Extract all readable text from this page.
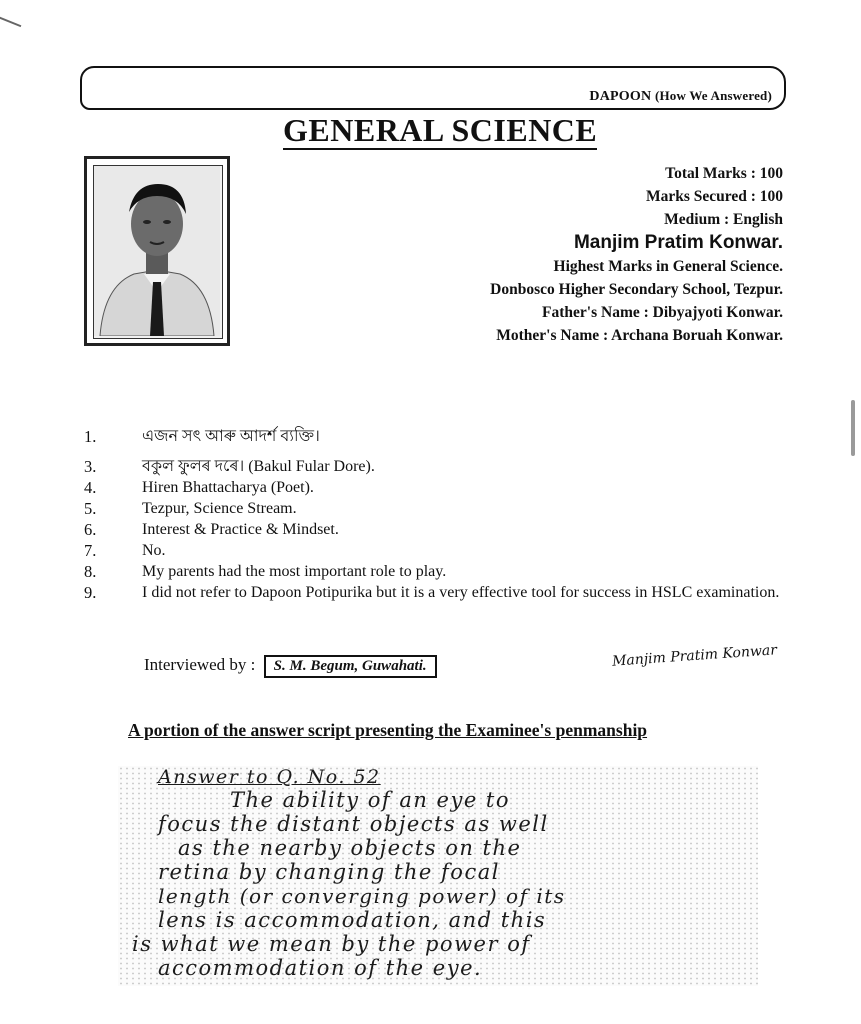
DAPOON (How We Answered)
GENERAL SCIENCE
Total Marks : 100
Marks Secured : 100
Medium : English
Manjim Pratim Konwar.
Highest Marks in General Science.
Donbosco Higher Secondary School, Tezpur.
Father's Name : Dibyajyoti Konwar.
Mother's Name : Archana Boruah Konwar.
1.	এজন সৎ আৰু আদৰ্শ ব্যক্তি।
3.	বকুল ফুলৰ দৰে। (Bakul Fular Dore).
4.	Hiren Bhattacharya (Poet).
5.	Tezpur, Science Stream.
6.	Interest & Practice & Mindset.
7.	No.
8.	My parents had the most important role to play.
9.	I did not refer to Dapoon Potipurika but it is a very effective tool for success in HSLC examination.
Interviewed by : S. M. Begum, Guwahati.	Manjim Pratim Konwar
A portion of the answer script presenting the Examinee's penmanship
Answer to Q. No. 52
The ability of an eye to
focus the distant objects as well
as the nearby objects on the
retina by changing the focal
length (or converging power) of its
lens is accommodation, and this
is what we mean by the power of
accommodation of the eye.
